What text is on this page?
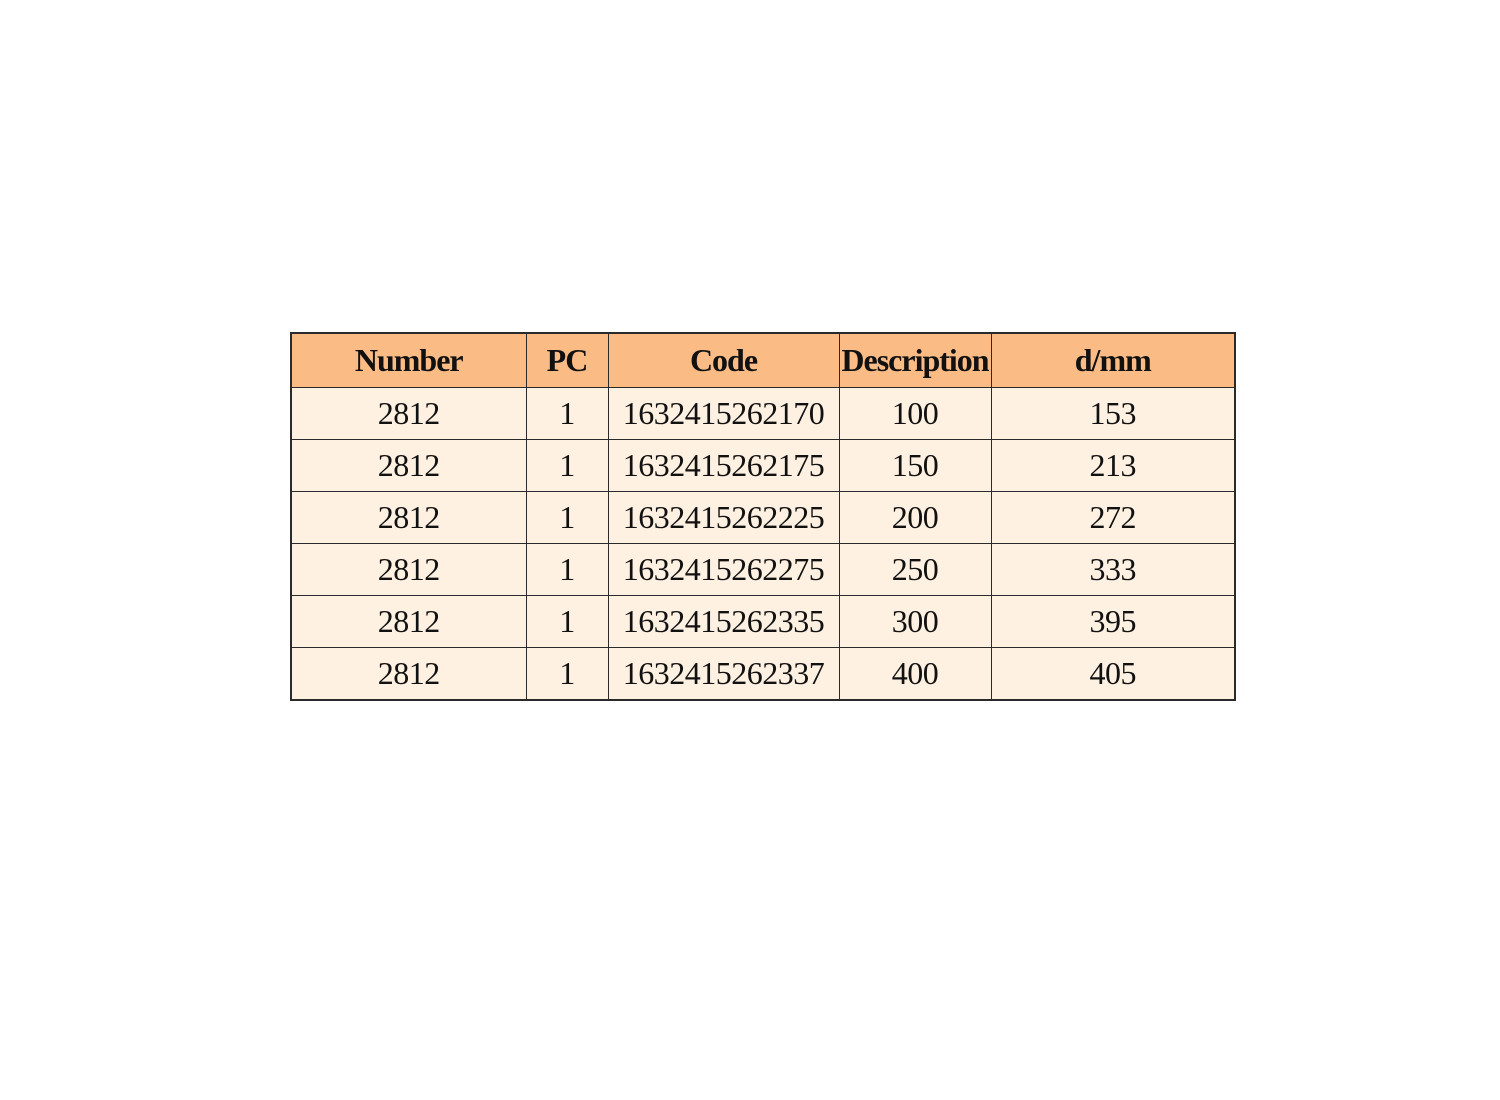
Number	PC	Code	Description	d/mm
2812	1	1632415262170	100	153
2812	1	1632415262175	150	213
2812	1	1632415262225	200	272
2812	1	1632415262275	250	333
2812	1	1632415262335	300	395
2812	1	1632415262337	400	405
